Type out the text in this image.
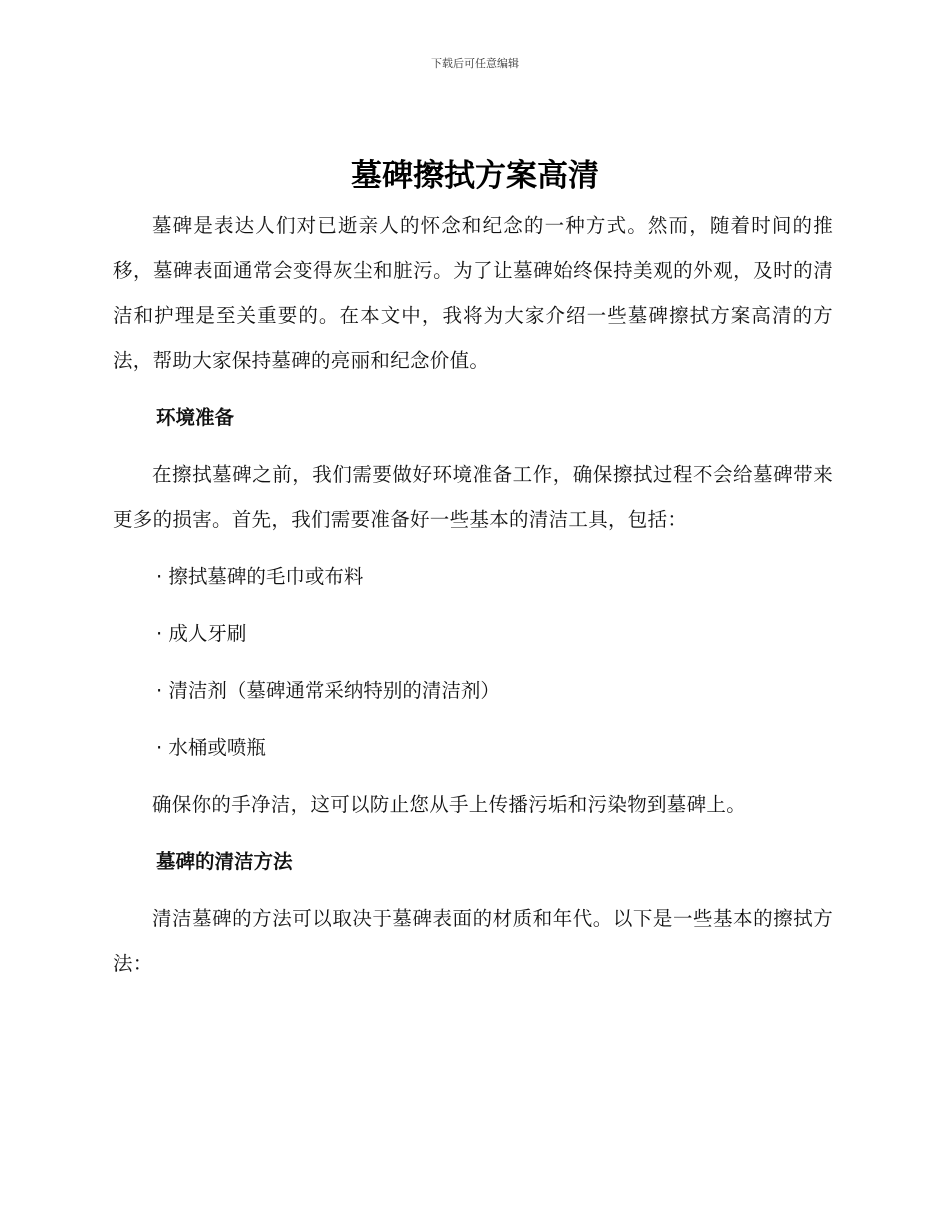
下载后可任意编辑
墓碑擦拭方案高清

墓碑是表达人们对已逝亲人的怀念和纪念的一种方式。然而，随着时间的推移，墓碑表面通常会变得灰尘和脏污。为了让墓碑始终保持美观的外观，及时的清洁和护理是至关重要的。在本文中，我将为大家介绍一些墓碑擦拭方案高清的方法，帮助大家保持墓碑的亮丽和纪念价值。

环境准备

在擦拭墓碑之前，我们需要做好环境准备工作，确保擦拭过程不会给墓碑带来更多的损害。首先，我们需要准备好一些基本的清洁工具，包括：

· 擦拭墓碑的毛巾或布料
· 成人牙刷
· 清洁剂（墓碑通常采纳特别的清洁剂）
· 水桶或喷瓶

确保你的手净洁，这可以防止您从手上传播污垢和污染物到墓碑上。

墓碑的清洁方法

清洁墓碑的方法可以取决于墓碑表面的材质和年代。以下是一些基本的擦拭方法：
